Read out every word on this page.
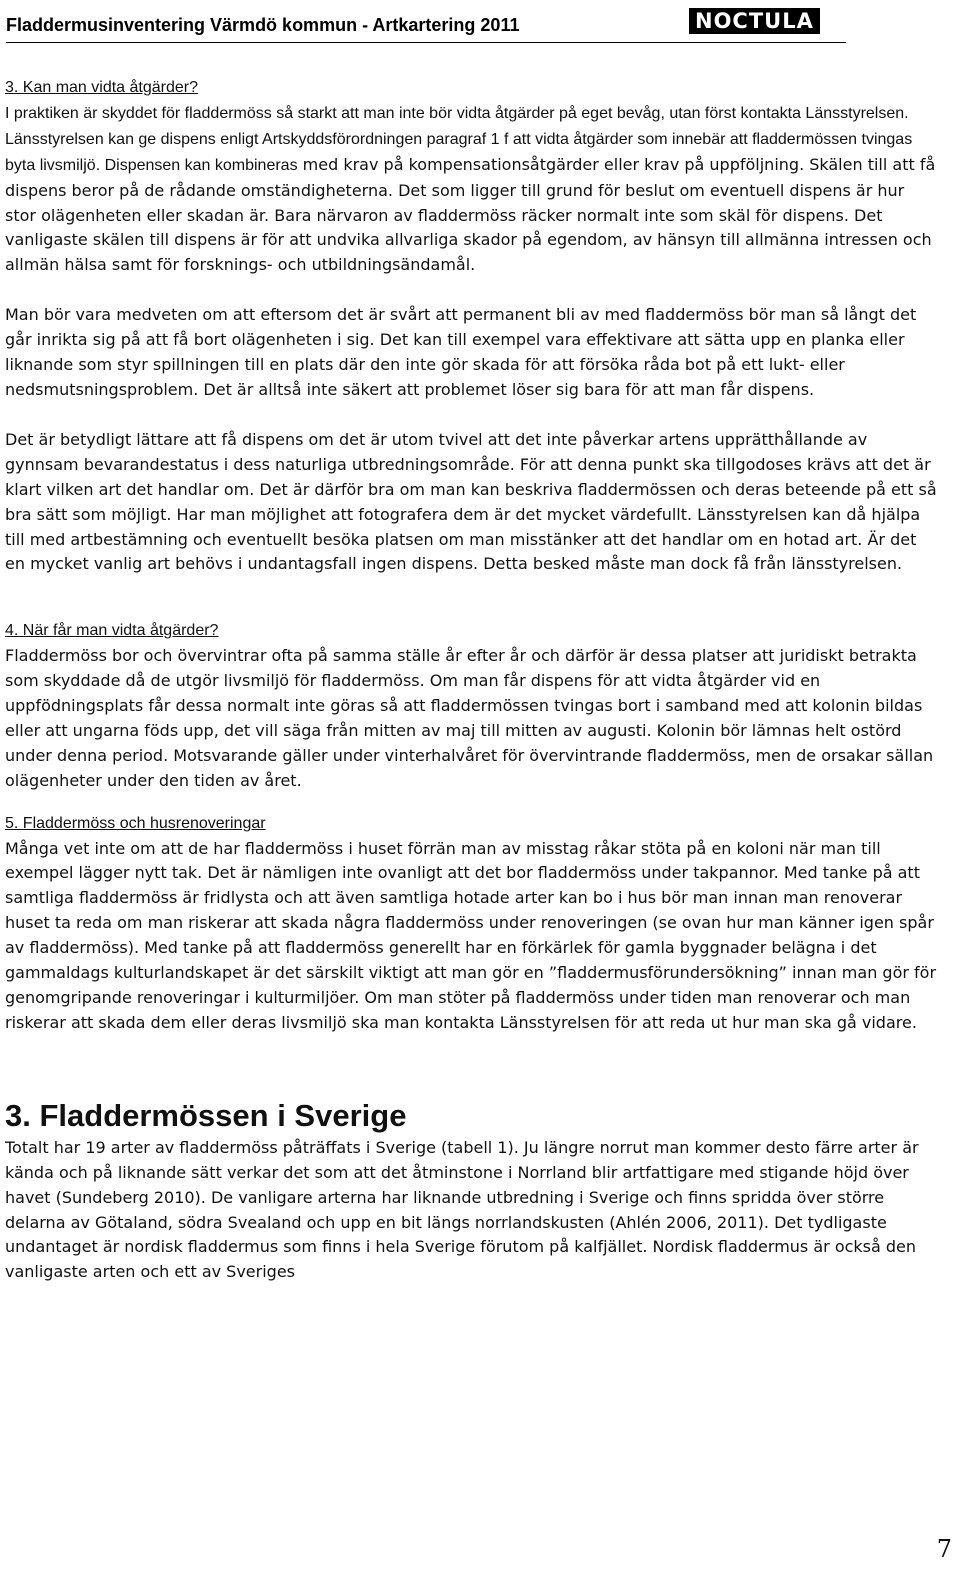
Fladdermusinventering Värmdö kommun - Artkartering 2011	NOCTULA
3. Kan man vidta åtgärder?

I praktiken är skyddet för fladdermöss så starkt att man inte bör vidta åtgärder på eget bevåg, utan först kontakta Länsstyrelsen. Länsstyrelsen kan ge dispens enligt Artskyddsförordningen paragraf 1 f att vidta åtgärder som innebär att fladdermössen tvingas byta livsmiljö. Dispensen kan kombineras med krav på kompensationsåtgärder eller krav på uppföljning. Skälen till att få dispens beror på de rådande omständigheterna. Det som ligger till grund för beslut om eventuell dispens är hur stor olägenheten eller skadan är. Bara närvaron av fladdermöss räcker normalt inte som skäl för dispens. Det vanligaste skälen till dispens är för att undvika allvarliga skador på egendom, av hänsyn till allmänna intressen och allmän hälsa samt för forsknings- och utbildningsändamål.

Man bör vara medveten om att eftersom det är svårt att permanent bli av med fladdermöss bör man så långt det går inrikta sig på att få bort olägenheten i sig. Det kan till exempel vara effektivare att sätta upp en planka eller liknande som styr spillningen till en plats där den inte gör skada för att försöka råda bot på ett lukt- eller nedsmutsningsproblem. Det är alltså inte säkert att problemet löser sig bara för att man får dispens.

Det är betydligt lättare att få dispens om det är utom tvivel att det inte påverkar artens upprätthållande av gynnsam bevarandestatus i dess naturliga utbredningsområde. För att denna punkt ska tillgodoses krävs att det är klart vilken art det handlar om. Det är därför bra om man kan beskriva fladdermössen och deras beteende på ett så bra sätt som möjligt. Har man möjlighet att fotografera dem är det mycket värdefullt. Länsstyrelsen kan då hjälpa till med artbestämning och eventuellt besöka platsen om man misstänker att det handlar om en hotad art. Är det en mycket vanlig art behövs i undantagsfall ingen dispens. Detta besked måste man dock få från länsstyrelsen.

4. När får man vidta åtgärder?

Fladdermöss bor och övervintrar ofta på samma ställe år efter år och därför är dessa platser att juridiskt betrakta som skyddade då de utgör livsmiljö för fladdermöss. Om man får dispens för att vidta åtgärder vid en uppfödningsplats får dessa normalt inte göras så att fladdermössen tvingas bort i samband med att kolonin bildas eller att ungarna föds upp, det vill säga från mitten av maj till mitten av augusti. Kolonin bör lämnas helt ostörd under denna period. Motsvarande gäller under vinterhalvåret för övervintrande fladdermöss, men de orsakar sällan olägenheter under den tiden av året.

5. Fladdermöss och husrenoveringar

Många vet inte om att de har fladdermöss i huset förrän man av misstag råkar stöta på en koloni när man till exempel lägger nytt tak. Det är nämligen inte ovanligt att det bor fladdermöss under takpannor. Med tanke på att samtliga fladdermöss är fridlysta och att även samtliga hotade arter kan bo i hus bör man innan man renoverar huset ta reda om man riskerar att skada några fladdermöss under renoveringen (se ovan hur man känner igen spår av fladdermöss). Med tanke på att fladdermöss generellt har en förkärlek för gamla byggnader belägna i det gammaldags kulturlandskapet är det särskilt viktigt att man gör en ”fladdermusförundersökning” innan man gör för genomgripande renoveringar i kulturmiljöer. Om man stöter på fladdermöss under tiden man renoverar och man riskerar att skada dem eller deras livsmiljö ska man kontakta Länsstyrelsen för att reda ut hur man ska gå vidare.

3. Fladdermössen i Sverige

Totalt har 19 arter av fladdermöss påträffats i Sverige (tabell 1). Ju längre norrut man kommer desto färre arter är kända och på liknande sätt verkar det som att det åtminstone i Norrland blir artfattigare med stigande höjd över havet (Sundeberg 2010). De vanligare arterna har liknande utbredning i Sverige och finns spridda över större delarna av Götaland, södra Svealand och upp en bit längs norrlandskusten (Ahlén 2006, 2011). Det tydligaste undantaget är nordisk fladdermus som finns i hela Sverige förutom på kalfjället. Nordisk fladdermus är också den vanligaste arten och ett av Sveriges

7
